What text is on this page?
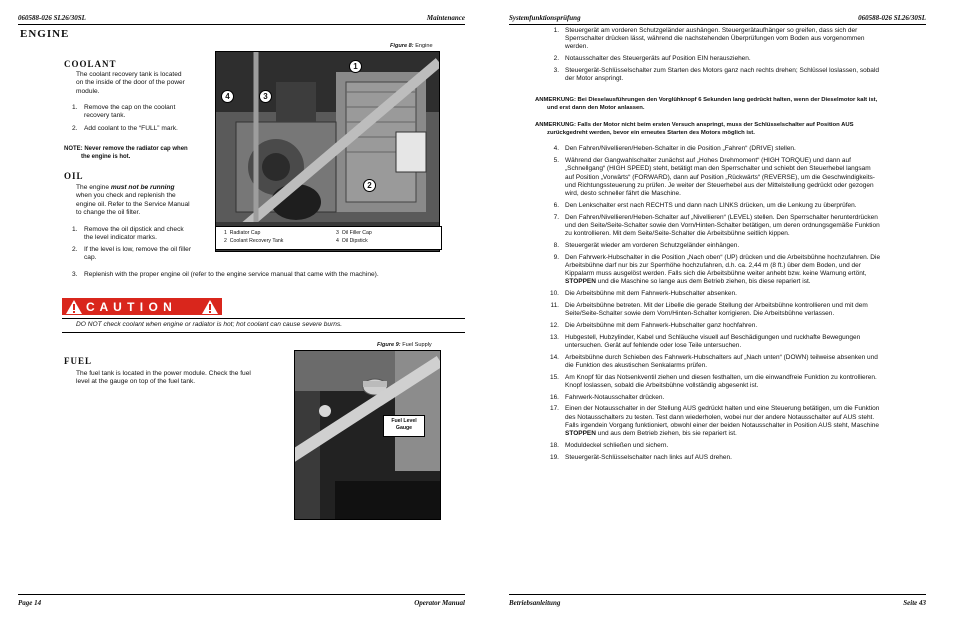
060588-026 SL26/30SL	Maintenance
ENGINE
Figure 8: Engine
1
2
3
4
1 Radiator Cap
2 Coolant Recovery Tank
3 Oil Filler Cap
4 Oil Dipstick
COOLANT
The coolant recovery tank is located
on the inside of the door of the power
module.
1. Remove the cap on the coolant
recovery tank.
2. Add coolant to the “FULL” mark.
NOTE: Never remove the radiator cap when
the engine is hot.
OIL
The engine must not be running
when you check and replenish the
engine oil. Refer to the Service Manual
to change the oil filter.
1. Remove the oil dipstick and check
the level indicator marks.
2. If the level is low, remove the oil filler
cap.
3. Replenish with the proper engine oil (refer to the engine service manual that came with the machine).
C A U T I O N
DO NOT check coolant when engine or radiator is hot; hot coolant can cause severe burns.
Figure 9: Fuel Supply
Fuel Level
Gauge
FUEL
The fuel tank is located in the power module. Check the fuel
level at the gauge on top of the fuel tank.
Page 14	Operator Manual
Systemfunktionsprüfung	060588-026 SL26/30SL
1. Steuergerät am vorderen Schutzgeländer aushängen. Steuergerätaufhänger so greifen, dass sich der
Sperrschalter drücken lässt, während die nachstehenden Überprüfungen vom Boden aus vorgenommen
werden.
2. Notausschalter des Steuergeräts auf Position EIN herausziehen.
3. Steuergerät-Schlüsselschalter zum Starten des Motors ganz nach rechts drehen; Schlüssel loslassen, sobald
der Motor anspringt.
ANMERKUNG: Bei Dieselausführungen den Vorglühknopf 6 Sekunden lang gedrückt halten, wenn der Dieselmotor kalt ist,
und erst dann den Motor anlassen.
ANMERKUNG: Falls der Motor nicht beim ersten Versuch anspringt, muss der Schlüsselschalter auf Position AUS
zurückgedreht werden, bevor ein erneutes Starten des Motors möglich ist.
4. Den Fahren/Nivellieren/Heben-Schalter in die Position „Fahren“ (DRIVE) stellen.
5. Während der Gangwahlschalter zunächst auf „Hohes Drehmoment“ (HIGH TORQUE) und dann auf
„Schnellgang“ (HIGH SPEED) steht, betätigt man den Sperrschalter und schiebt den Steuerhebel langsam
auf Position „Vorwärts“ (FORWARD), dann auf Position „Rückwärts“ (REVERSE), um die Geschwindigkeits-
und Richtungssteuerung zu prüfen. Je weiter der Steuerhebel aus der Mittelstellung gedrückt oder gezogen
wird, desto schneller fährt die Maschine.
6. Den Lenkschalter erst nach RECHTS und dann nach LINKS drücken, um die Lenkung zu überprüfen.
7. Den Fahren/Nivellieren/Heben-Schalter auf „Nivellieren“ (LEVEL) stellen. Den Sperrschalter herunterdrücken
und den Seite/Seite-Schalter sowie den Vorn/Hinten-Schalter betätigen, um deren ordnungsgemäße Funktion
zu kontrollieren. Mit dem Seite/Seite-Schalter die Arbeitsbühne seitlich kippen.
8. Steuergerät wieder am vorderen Schutzgeländer einhängen.
9. Den Fahrwerk-Hubschalter in die Position „Nach oben“ (UP) drücken und die Arbeitsbühne hochzufahren. Die
Arbeitsbühne darf nur bis zur Sperrhöhe hochzufahren, d.h. ca. 2,44 m (8 ft.) über dem Boden, und der
Kippalarm muss ausgelöst werden. Falls sich die Arbeitsbühne weiter anhebt bzw. keine Warnung ertönt,
STOPPEN und die Maschine so lange aus dem Betrieb ziehen, bis diese repariert ist.
10. Die Arbeitsbühne mit dem Fahrwerk-Hubschalter absenken.
11. Die Arbeitsbühne betreten. Mit der Libelle die gerade Stellung der Arbeitsbühne kontrollieren und mit dem
Seite/Seite-Schalter sowie dem Vorn/Hinten-Schalter korrigieren. Die Arbeitsbühne verlassen.
12. Die Arbeitsbühne mit dem Fahrwerk-Hubschalter ganz hochfahren.
13. Hubgestell, Hubzylinder, Kabel und Schläuche visuell auf Beschädigungen und ruckhafte Bewegungen
untersuchen. Gerät auf fehlende oder lose Teile untersuchen.
14. Arbeitsbühne durch Schieben des Fahrwerk-Hubschalters auf „Nach unten“ (DOWN) teilweise absenken und
die Funktion des akustischen Senkalarms prüfen.
15. Am Knopf für das Notsenkventil ziehen und diesen festhalten, um die einwandfreie Funktion zu kontrollieren.
Knopf loslassen, sobald die Arbeitsbühne vollständig abgesenkt ist.
16. Fahrwerk-Notausschalter drücken.
17. Einen der Notausschalter in der Stellung AUS gedrückt halten und eine Steuerung betätigen, um die Funktion
des Notausschalters zu testen. Test dann wiederholen, wobei nur der andere Notausschalter auf AUS steht.
Falls irgendein Vorgang funktioniert, obwohl einer der beiden Notausschalter in Position AUS steht, Maschine
STOPPEN und aus dem Betrieb ziehen, bis sie repariert ist.
18. Moduldeckel schließen und sichern.
19. Steuergerät-Schlüsselschalter nach links auf AUS drehen.
Betriebsanleitung	Seite 43
